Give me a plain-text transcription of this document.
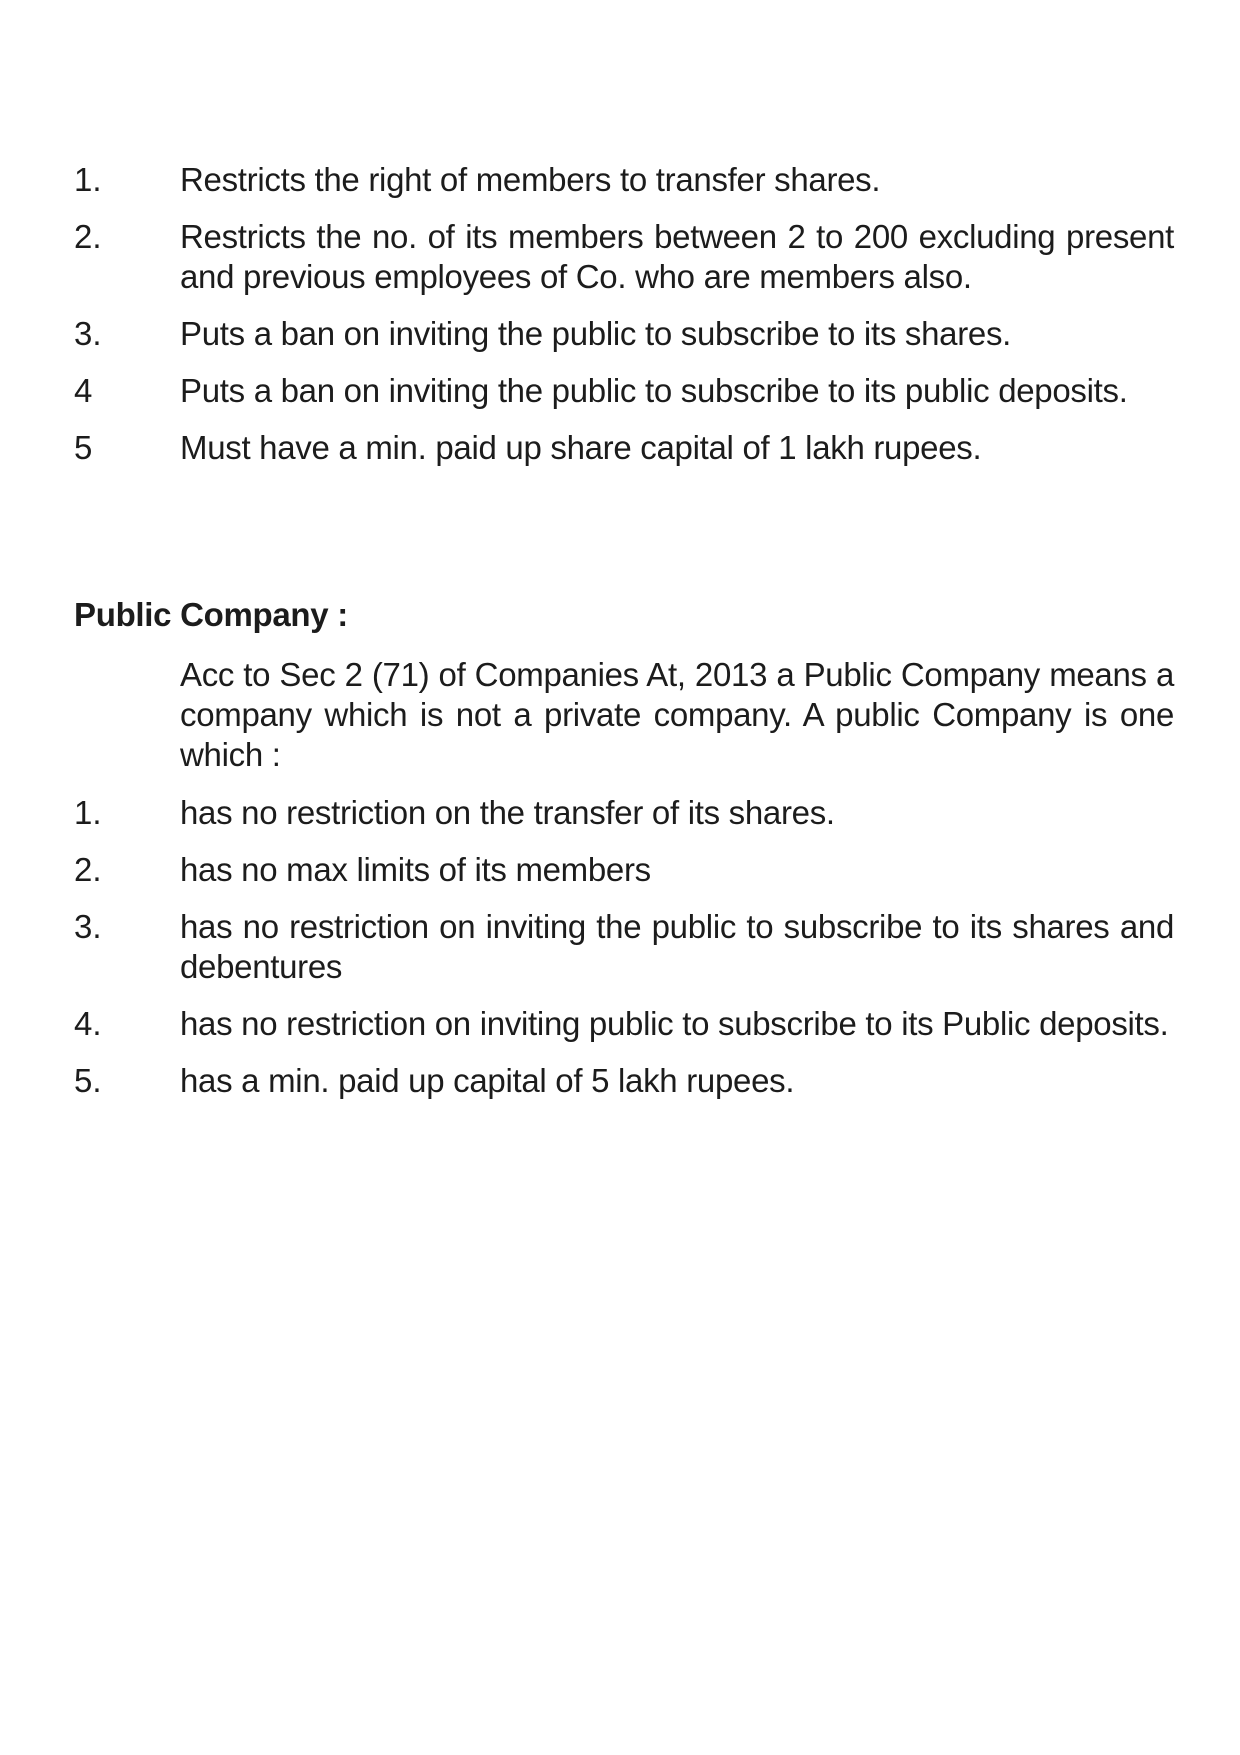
1.	Restricts the right of members to transfer shares.
2.	Restricts the no. of its members between 2 to 200 excluding present and previous employees of Co. who are members also.
3.	Puts a ban on inviting the public to subscribe to its shares.
4	Puts a ban on inviting the public to subscribe to its public deposits.
5	Must have a min. paid up share capital of 1 lakh rupees.
Public Company :
Acc to Sec 2 (71) of Companies At, 2013 a Public Company means a company which is not a private company. A public Company is one which :
1.	has no restriction on the transfer of its shares.
2.	has no max limits of its members
3.	has no restriction on inviting the public to subscribe to its shares and debentures
4.	has no restriction on inviting public to subscribe to its Public deposits.
5.	has a min. paid up capital of 5 lakh rupees.
